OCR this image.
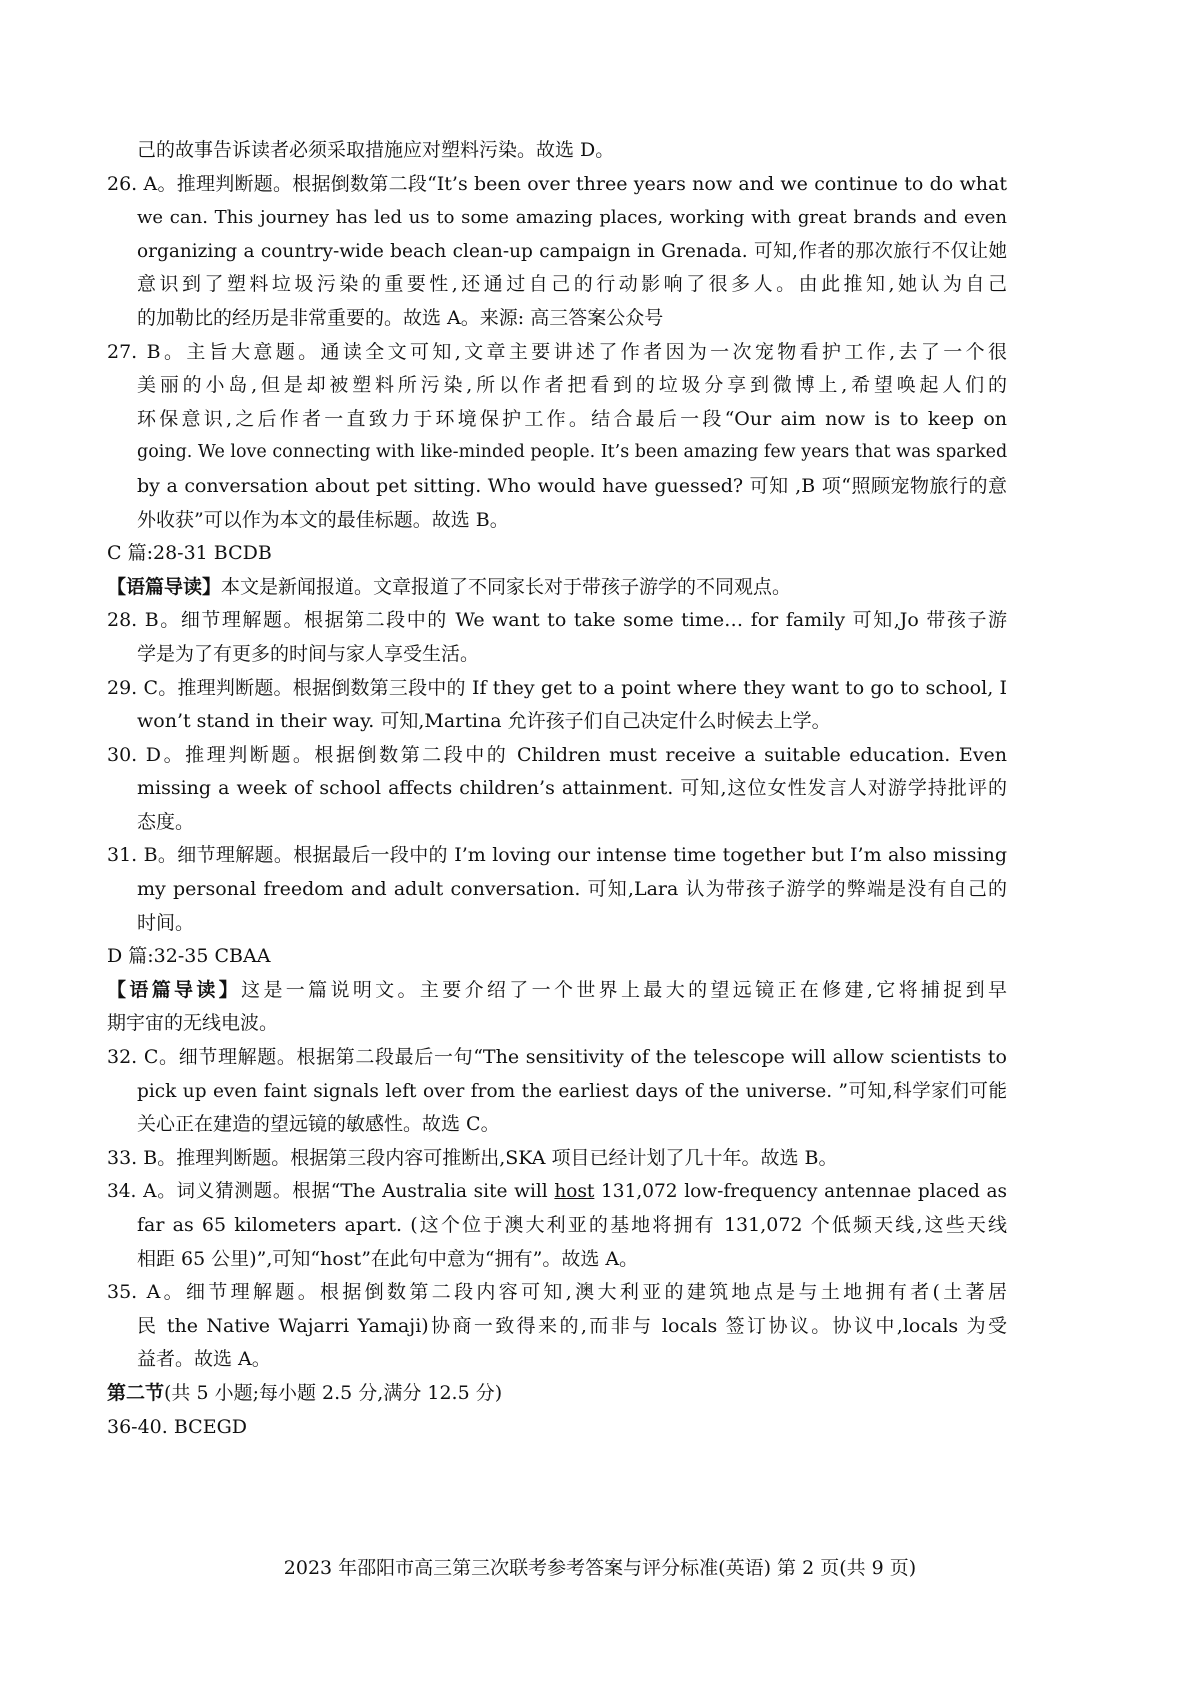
己的故事告诉读者必须采取措施应对塑料污染。故选 D。
26. A。推理判断题。根据倒数第二段“It’s been over three years now and we continue to do what
we can. This journey has led us to some amazing places, working with great brands and even
organizing a country-wide beach clean-up campaign in Grenada. 可知,作者的那次旅行不仅让她
意识到了塑料垃圾污染的重要性,还通过自己的行动影响了很多人。由此推知,她认为自己
的加勒比的经历是非常重要的。故选 A。来源: 高三答案公众号
27. B。主旨大意题。通读全文可知,文章主要讲述了作者因为一次宠物看护工作,去了一个很
美丽的小岛,但是却被塑料所污染,所以作者把看到的垃圾分享到微博上,希望唤起人们的
环保意识,之后作者一直致力于环境保护工作。结合最后一段“Our aim now is to keep on
going. We love connecting with like-minded people. It’s been amazing few years that was sparked
by a conversation about pet sitting. Who would have guessed? 可知 ,B 项“照顾宠物旅行的意
外收获”可以作为本文的最佳标题。故选 B。
C 篇:28-31 BCDB
【语篇导读】本文是新闻报道。文章报道了不同家长对于带孩子游学的不同观点。
28. B。细节理解题。根据第二段中的 We want to take some time… for family 可知,Jo 带孩子游
学是为了有更多的时间与家人享受生活。
29. C。推理判断题。根据倒数第三段中的 If they get to a point where they want to go to school, I
won’t stand in their way. 可知,Martina 允许孩子们自己决定什么时候去上学。
30. D。推理判断题。根据倒数第二段中的 Children must receive a suitable education. Even
missing a week of school affects children’s attainment. 可知,这位女性发言人对游学持批评的
态度。
31. B。细节理解题。根据最后一段中的 I’m loving our intense time together but I’m also missing
my personal freedom and adult conversation. 可知,Lara 认为带孩子游学的弊端是没有自己的
时间。
D 篇:32-35 CBAA
【语篇导读】这是一篇说明文。主要介绍了一个世界上最大的望远镜正在修建,它将捕捉到早
期宇宙的无线电波。
32. C。细节理解题。根据第二段最后一句“The sensitivity of the telescope will allow scientists to
pick up even faint signals left over from the earliest days of the universe. ”可知,科学家们可能
关心正在建造的望远镜的敏感性。故选 C。
33. B。推理判断题。根据第三段内容可推断出,SKA 项目已经计划了几十年。故选 B。
34. A。词义猜测题。根据“The Australia site will host 131,072 low-frequency antennae placed as
far as 65 kilometers apart. (这个位于澳大利亚的基地将拥有 131,072 个低频天线,这些天线
相距 65 公里)”,可知“host”在此句中意为“拥有”。故选 A。
35. A。细节理解题。根据倒数第二段内容可知,澳大利亚的建筑地点是与土地拥有者(土著居
民 the Native Wajarri Yamaji)协商一致得来的,而非与 locals 签订协议。协议中,locals 为受
益者。故选 A。
第二节(共 5 小题;每小题 2.5 分,满分 12.5 分)
36-40. BCEGD
2023 年邵阳市高三第三次联考参考答案与评分标准(英语) 第 2 页(共 9 页)
